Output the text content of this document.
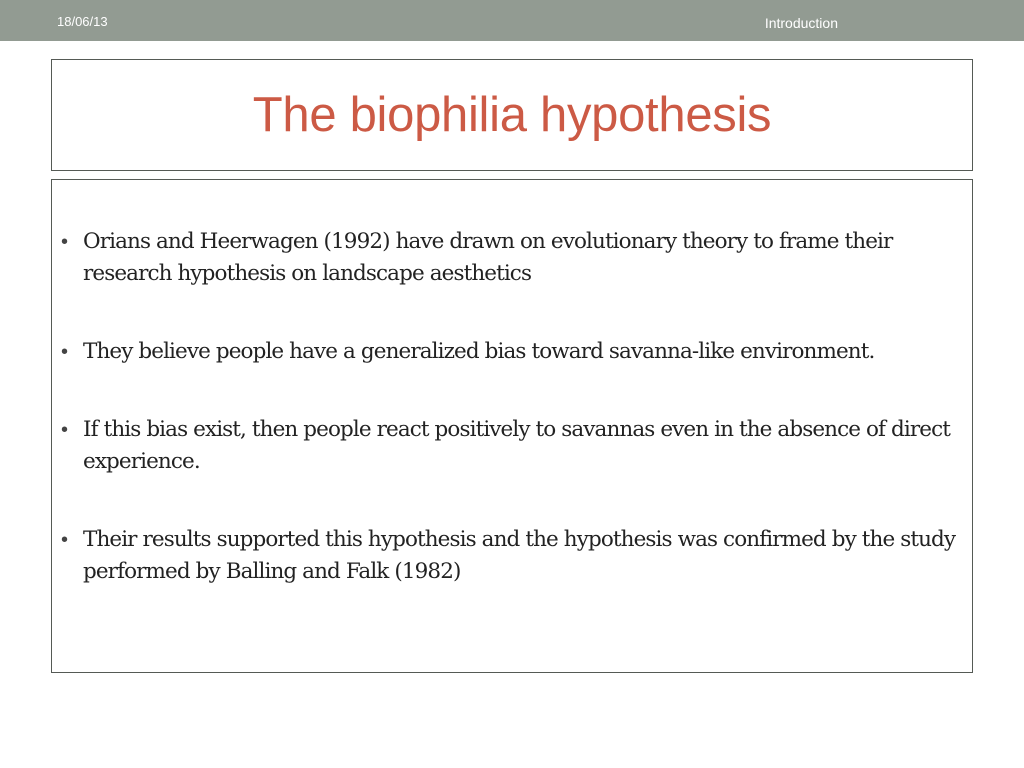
18/06/13	Introduction
The biophilia hypothesis
• Orians and Heerwagen (1992) have drawn on evolutionary theory to frame their research hypothesis on landscape aesthetics
• They believe people have a generalized bias toward savanna-like environment.
• If this bias exist, then people react positively to savannas even in the absence of direct experience.
• Their results supported this hypothesis and the hypothesis was confirmed by the study performed by Balling and Falk (1982)
